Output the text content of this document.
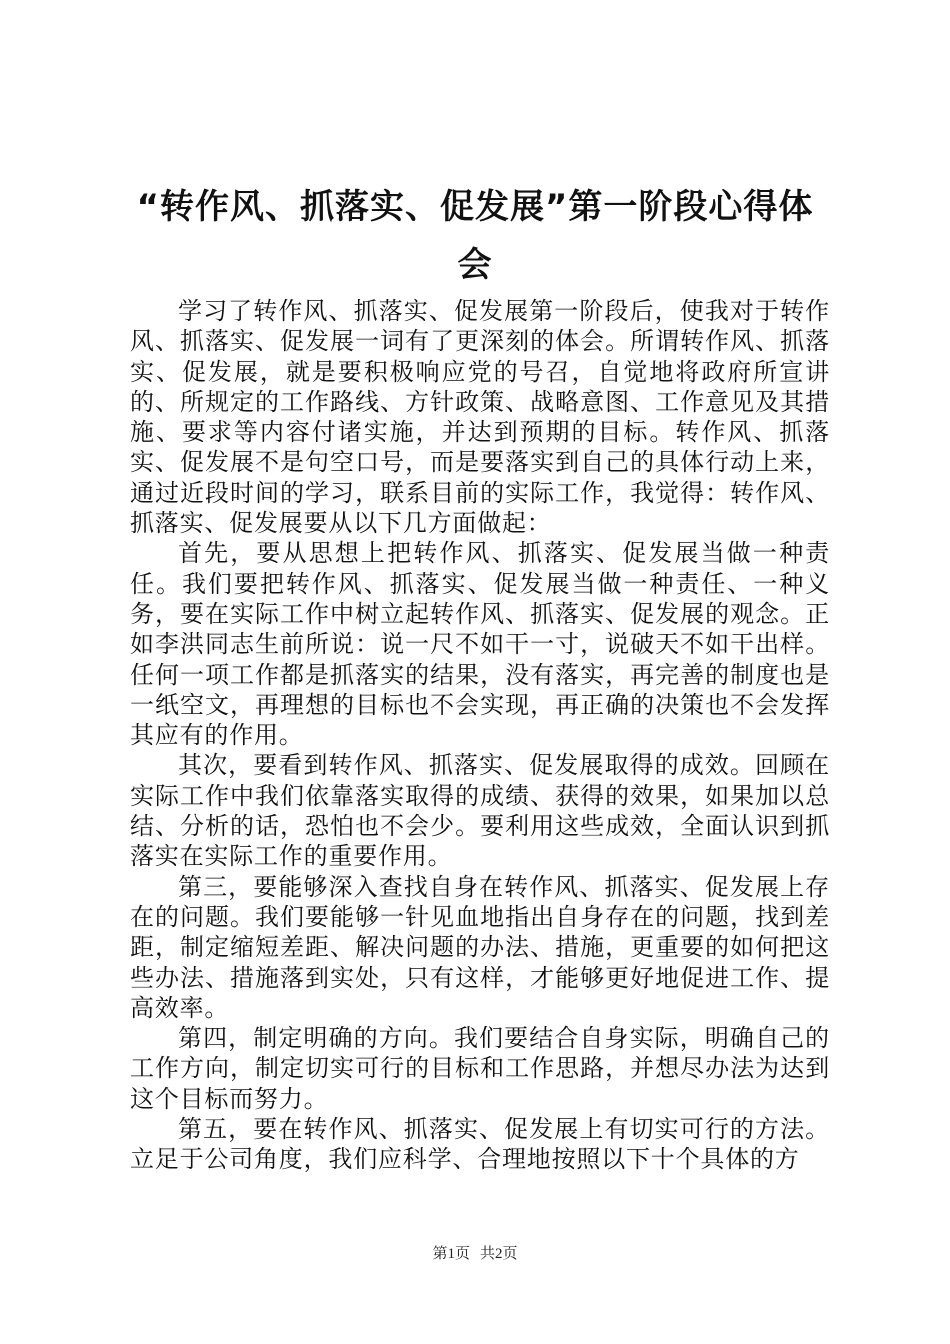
“转作风、抓落实、促发展”第一阶段心得体会

学习了转作风、抓落实、促发展第一阶段后，使我对于转作风、抓落实、促发展一词有了更深刻的体会。所谓转作风、抓落实、促发展，就是要积极响应党的号召，自觉地将政府所宣讲的、所规定的工作路线、方针政策、战略意图、工作意见及其措施、要求等内容付诸实施，并达到预期的目标。转作风、抓落实、促发展不是句空口号，而是要落实到自己的具体行动上来，通过近段时间的学习，联系目前的实际工作，我觉得：转作风、抓落实、促发展要从以下几方面做起：

首先，要从思想上把转作风、抓落实、促发展当做一种责任。我们要把转作风、抓落实、促发展当做一种责任、一种义务，要在实际工作中树立起转作风、抓落实、促发展的观念。正如李洪同志生前所说：说一尺不如干一寸，说破天不如干出样。任何一项工作都是抓落实的结果，没有落实，再完善的制度也是一纸空文，再理想的目标也不会实现，再正确的决策也不会发挥其应有的作用。

其次，要看到转作风、抓落实、促发展取得的成效。回顾在实际工作中我们依靠落实取得的成绩、获得的效果，如果加以总结、分析的话，恐怕也不会少。要利用这些成效，全面认识到抓落实在实际工作的重要作用。

第三，要能够深入查找自身在转作风、抓落实、促发展上存在的问题。我们要能够一针见血地指出自身存在的问题，找到差距，制定缩短差距、解决问题的办法、措施，更重要的如何把这些办法、措施落到实处，只有这样，才能够更好地促进工作、提高效率。

第四，制定明确的方向。我们要结合自身实际，明确自己的工作方向，制定切实可行的目标和工作思路，并想尽办法为达到这个目标而努力。

第五，要在转作风、抓落实、促发展上有切实可行的方法。立足于公司角度，我们应科学、合理地按照以下十个具体的方

第1页 共2页
